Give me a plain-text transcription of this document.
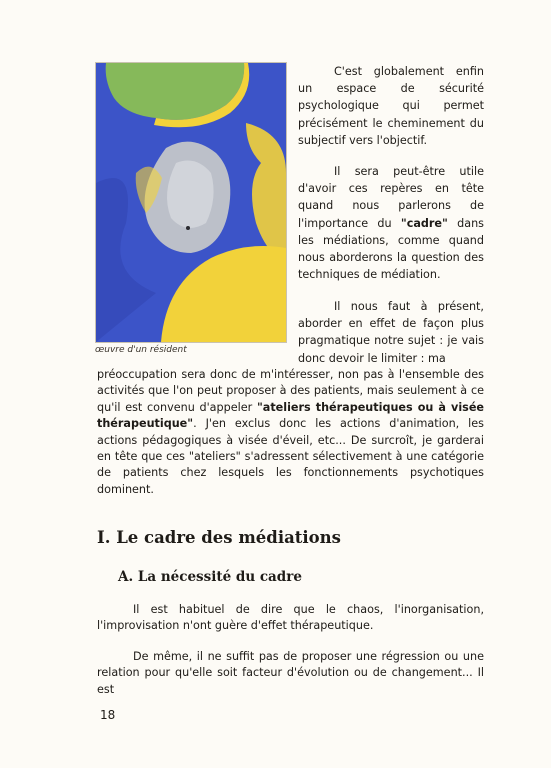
œuvre d'un résident

C'est globalement enfin un espace de sécurité psychologique qui permet précisément le cheminement du subjectif vers l'objectif.

Il sera peut-être utile d'avoir ces repères en tête quand nous parlerons de l'importance du "cadre" dans les médiations, comme quand nous aborderons la question des techniques de médiation.

Il nous faut à présent, aborder en effet de façon plus pragmatique notre sujet : je vais donc devoir le limiter : ma

préoccupation sera donc de m'intéresser, non pas à l'ensemble des activités que l'on peut proposer à des patients, mais seulement à ce qu'il est convenu d'appeler "ateliers thérapeutiques ou à visée thérapeutique". J'en exclus donc les actions d'animation, les actions pédagogiques à visée d'éveil, etc... De surcroît, je garderai en tête que ces "ateliers" s'adressent sélectivement à une catégorie de patients chez lesquels les fonctionnements psychotiques dominent.

I. Le cadre des médiations
A. La nécessité du cadre

Il est habituel de dire que le chaos, l'inorganisation, l'improvisation n'ont guère d'effet thérapeutique.

De même, il ne suffit pas de proposer une régression ou une relation pour qu'elle soit facteur d'évolution ou de changement... Il est

18
